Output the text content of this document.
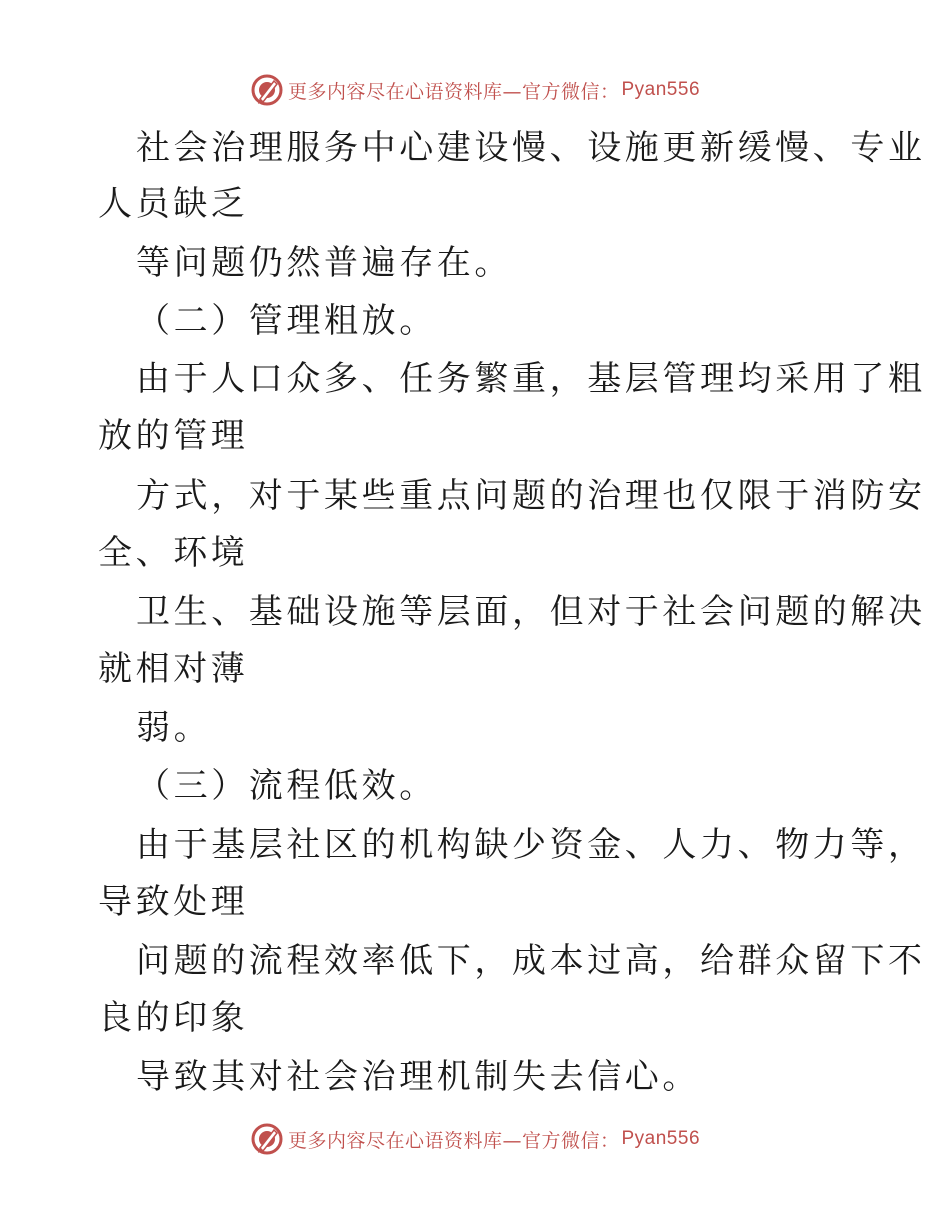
更多内容尽在心语资料库—官方微信： Pyan556
社会治理服务中心建设慢、设施更新缓慢、专业
人员缺乏
等问题仍然普遍存在。
（二）管理粗放。
由于人口众多、任务繁重，基层管理均采用了粗
放的管理
方式，对于某些重点问题的治理也仅限于消防安
全、环境
卫生、基础设施等层面，但对于社会问题的解决
就相对薄
弱。
（三）流程低效。
由于基层社区的机构缺少资金、人力、物力等，
导致处理
问题的流程效率低下，成本过高，给群众留下不
良的印象
导致其对社会治理机制失去信心。
更多内容尽在心语资料库—官方微信： Pyan556
